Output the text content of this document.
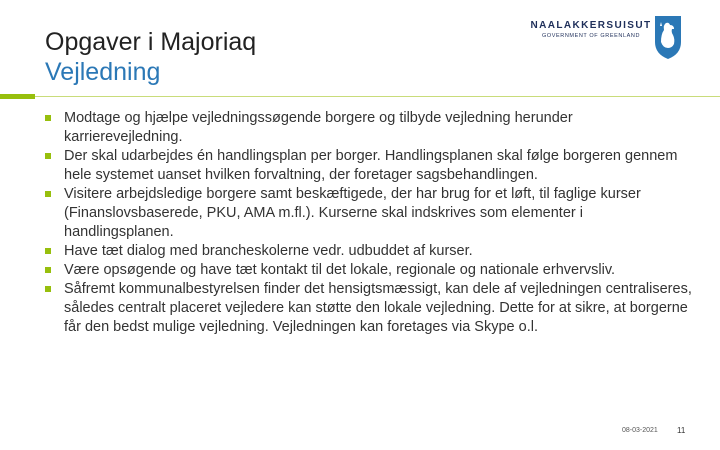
Opgaver i Majoriaq
Vejledning
NAALAKKERSUISUT
GOVERNMENT OF GREENLAND
Modtage og hjælpe vejledningssøgende borgere og tilbyde vejledning herunder karrierevejledning.
Der skal udarbejdes én handlingsplan per borger. Handlingsplanen skal følge borgeren gennem hele systemet uanset hvilken forvaltning, der foretager sagsbehandlingen.
Visitere arbejdsledige borgere samt beskæftigede, der har brug for et løft, til faglige kurser (Finanslovsbaserede, PKU, AMA m.fl.). Kurserne skal indskrives som elementer i handlingsplanen.
Have tæt dialog med brancheskolerne vedr. udbuddet af kurser.
Være opsøgende og have tæt kontakt til det lokale, regionale og nationale erhvervsliv.
Såfremt kommunalbestyrelsen finder det hensigtsmæssigt, kan dele af vejledningen centraliseres, således centralt placeret vejledere kan støtte den lokale vejledning. Dette for at sikre, at borgerne får den bedst mulige vejledning. Vejledningen kan foretages via Skype o.l.
08-03-2021 11
